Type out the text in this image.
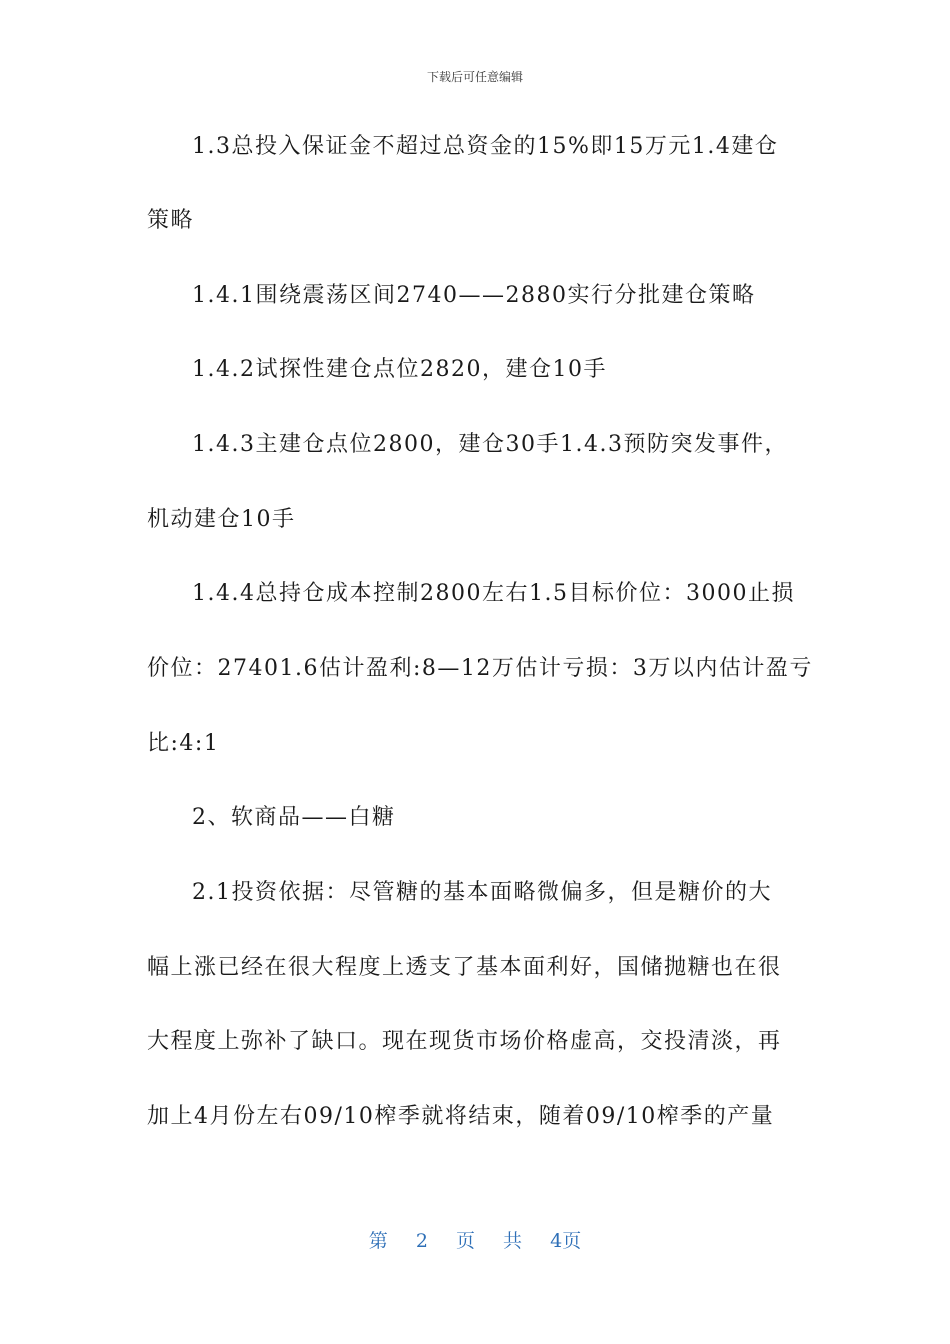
下载后可任意编辑
1.3总投入保证金不超过总资金的15%即15万元1.4建仓
策略
1.4.1围绕震荡区间2740——2880实行分批建仓策略
1.4.2试探性建仓点位2820，建仓10手
1.4.3主建仓点位2800，建仓30手1.4.3预防突发事件，
机动建仓10手
1.4.4总持仓成本控制2800左右1.5目标价位：3000止损
价位：27401.6估计盈利:8—12万估计亏损：3万以内估计盈亏
比:4:1
2、软商品——白糖
2.1投资依据：尽管糖的基本面略微偏多，但是糖价的大
幅上涨已经在很大程度上透支了基本面利好，国储抛糖也在很
大程度上弥补了缺口。现在现货市场价格虚高，交投清淡，再
加上4月份左右09/10榨季就将结束，随着09/10榨季的产量
第 2 页 共 4页
